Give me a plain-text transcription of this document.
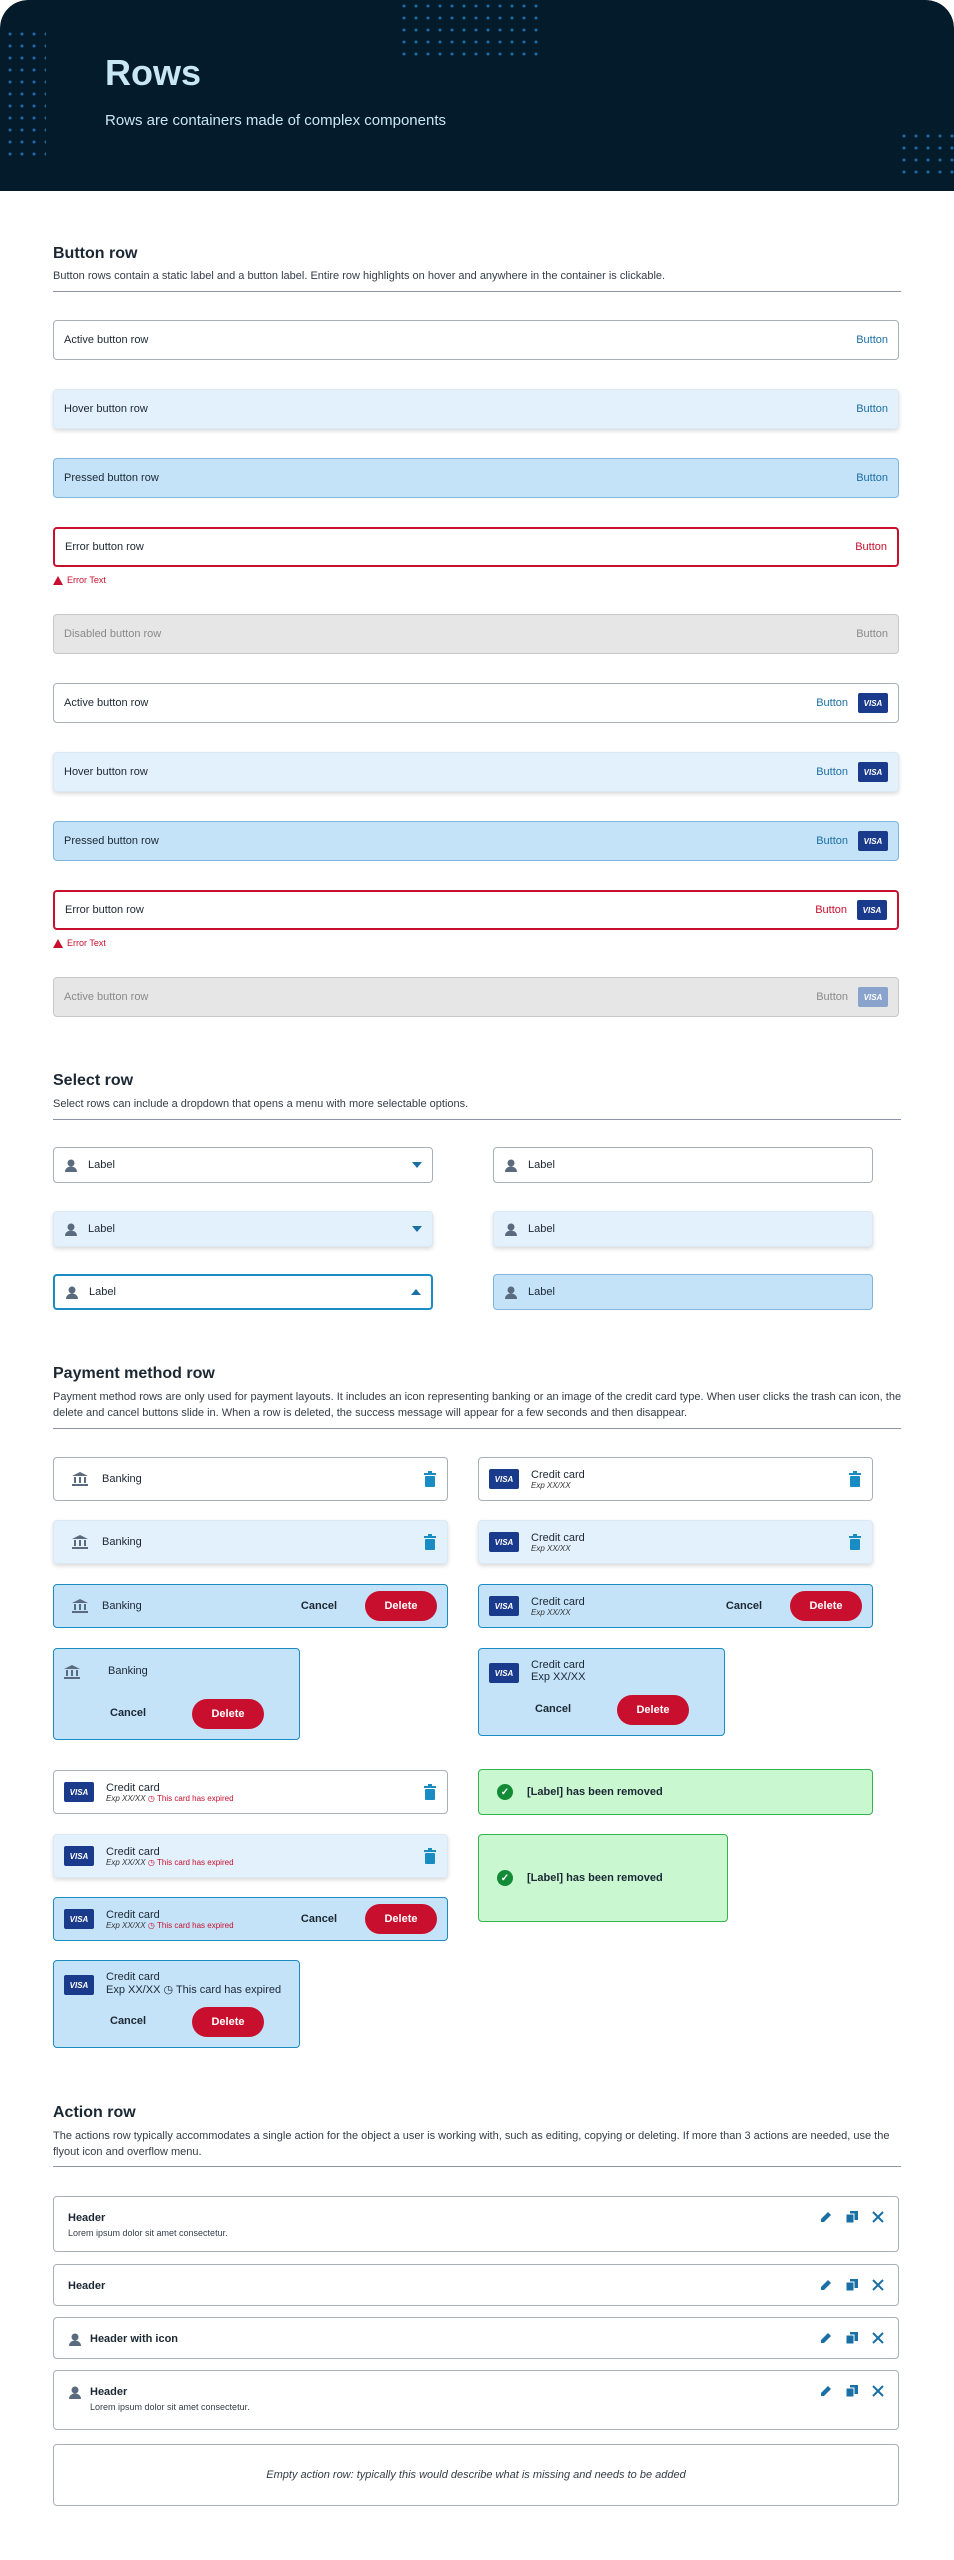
Rows

Rows are containers made of complex components

Button row

Button rows contain a static label and a button label. Entire row highlights on hover and anywhere in the container is clickable.

Active button row	Button
Hover button row	Button
Pressed button row	Button
Error button row	Button
Error Text
Disabled button row	Button
Active button row	Button	VISA
Hover button row	Button	VISA
Pressed button row	Button	VISA
Error button row	Button	VISA
Error Text
Active button row	Button	VISA
Select row

Select rows can include a dropdown that opens a menu with more selectable options.

Label	Label
Label	Label
Label	Label
Payment method row

Payment method rows are only used for payment layouts. It includes an icon representing banking or an image of the credit card type. When user clicks the trash can icon, the delete and cancel buttons slide in. When a row is deleted, the success message will appear for a few seconds and then disappear.

Banking
Banking
Banking	Cancel	Delete
Banking
Cancel	Delete
VISA	Credit card
Exp XX/XX
VISA	Credit card
Exp XX/XX
VISA	Credit card
Exp XX/XX	Cancel	Delete
VISA
Credit card
Exp XX/XX
Cancel	Delete
VISA	Credit card
Exp XX/XX ◷ This card has expired
VISA	Credit card
Exp XX/XX ◷ This card has expired
VISA	Credit card
Exp XX/XX ◷ This card has expired	Cancel	Delete
VISA
Credit card
Exp XX/XX ◷ This card has expired
Cancel	Delete
✓	[Label] has been removed
✓	[Label] has been removed
Action row

The actions row typically accommodates a single action for the object a user is working with, such as editing, copying or deleting. If more than 3 actions are needed, use the flyout icon and overflow menu.

Header
Lorem ipsum dolor sit amet consectetur.
Header
Header with icon
Header
Lorem ipsum dolor sit amet consectetur.
Empty action row: typically this would describe what is missing and needs to be added
